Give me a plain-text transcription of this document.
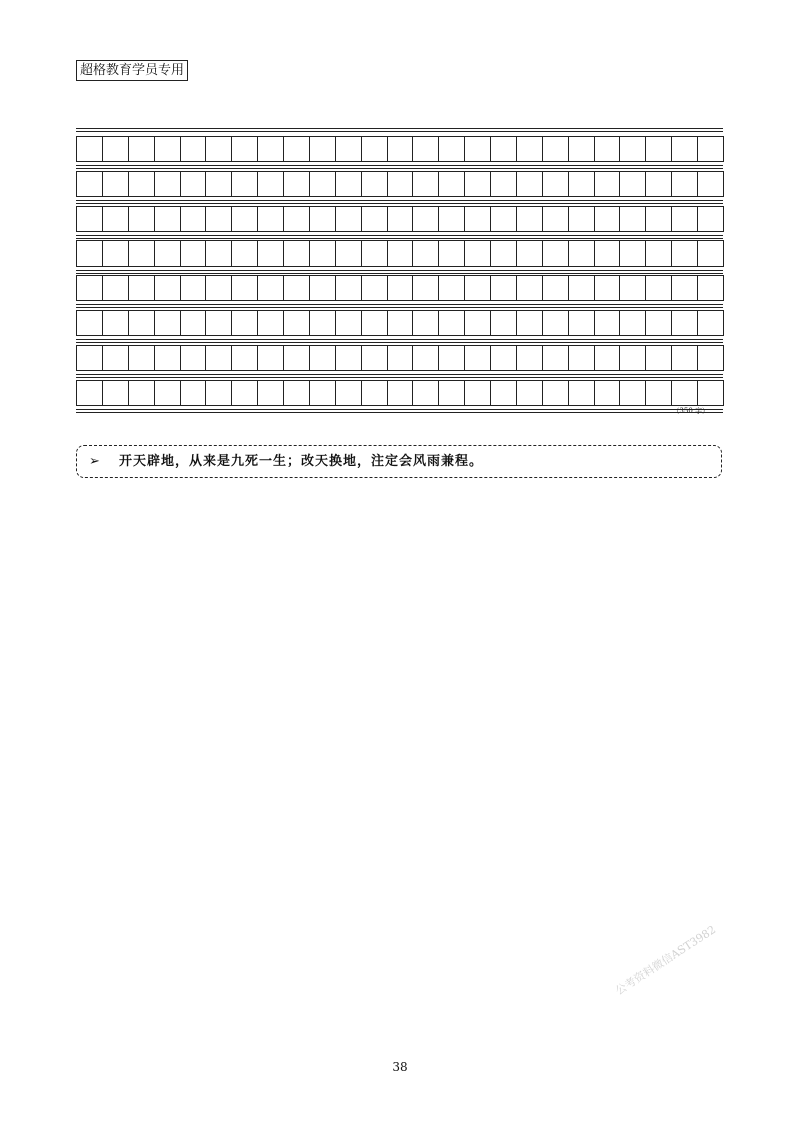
超格教育学员专用
（350 字）
➢ 开天辟地，从来是九死一生；改天换地，注定会风雨兼程。
公考资料微信AST3982
38
